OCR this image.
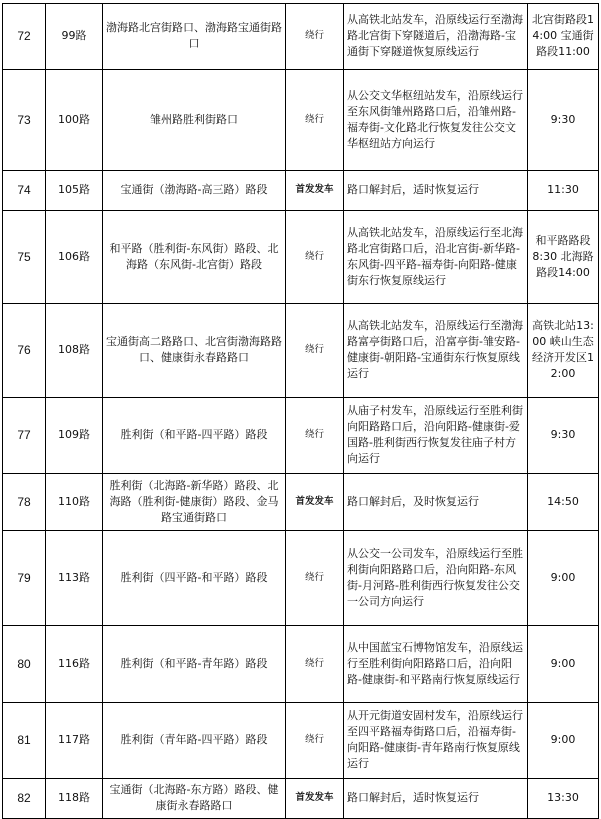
72	99路	渤海路北宫街路口、渤海路宝通街路口	绕行	从高铁北站发车，沿原线运行至渤海路北宫街下穿隧道后，沿渤海路-宝通街下穿隧道恢复原线运行	北宫街路段14:00 宝通街路段11:00
73	100路	雏州路胜利街路口	绕行	从公交文华枢纽站发车，沿原线运行至东风街雏州路路口后，沿雏州路-福寿街-文化路北行恢复发往公交文华枢纽站方向运行	9:30
74	105路	宝通街（渤海路-高三路）路段	首发发车	路口解封后，适时恢复运行	11:30
75	106路	和平路（胜利街-东风街）路段、北海路（东风街-北宫街）路段	绕行	从高铁北站发车，沿原线运行至北海路北宫街路口后，沿北宫街-新华路-东风街-四平路-福寿街-向阳路-健康街东行恢复原线运行	和平路路段8:30 北海路路段14:00
76	108路	宝通街高二路路口、北宫街渤海路路口、健康街永春路路口	绕行	从高铁北站发车，沿原线运行至渤海路富亭街路口后，沿富亭街-雏安路-健康街-朝阳路-宝通街东行恢复原线运行	高铁北站13:00 峡山生态经济开发区12:00
77	109路	胜利街（和平路-四平路）路段	绕行	从庙子村发车，沿原线运行至胜利街向阳路路口后，沿向阳路-健康街-爱国路-胜利街西行恢复发往庙子村方向运行	9:30
78	110路	胜利街（北海路-新华路）路段、北海路（胜利街-健康街）路段、金马路宝通街路口	首发发车	路口解封后，及时恢复运行	14:50
79	113路	胜利街（四平路-和平路）路段	绕行	从公交一公司发车，沿原线运行至胜利街向阳路路口后，沿向阳路-东风街-月河路-胜利街西行恢复发往公交一公司方向运行	9:00
80	116路	胜利街（和平路-青年路）路段	绕行	从中国蓝宝石博物馆发车，沿原线运行至胜利街向阳路路口后，沿向阳路-健康街-和平路南行恢复原线运行	9:00
81	117路	胜利街（青年路-四平路）路段	绕行	从开元街道安固村发车，沿原线运行至四平路福寿街路口后，沿福寿街-向阳路-健康街-青年路南行恢复原线运行	9:00
82	118路	宝通街（北海路-东方路）路段、健康街永春路路口	首发发车	路口解封后，适时恢复运行	13:30
